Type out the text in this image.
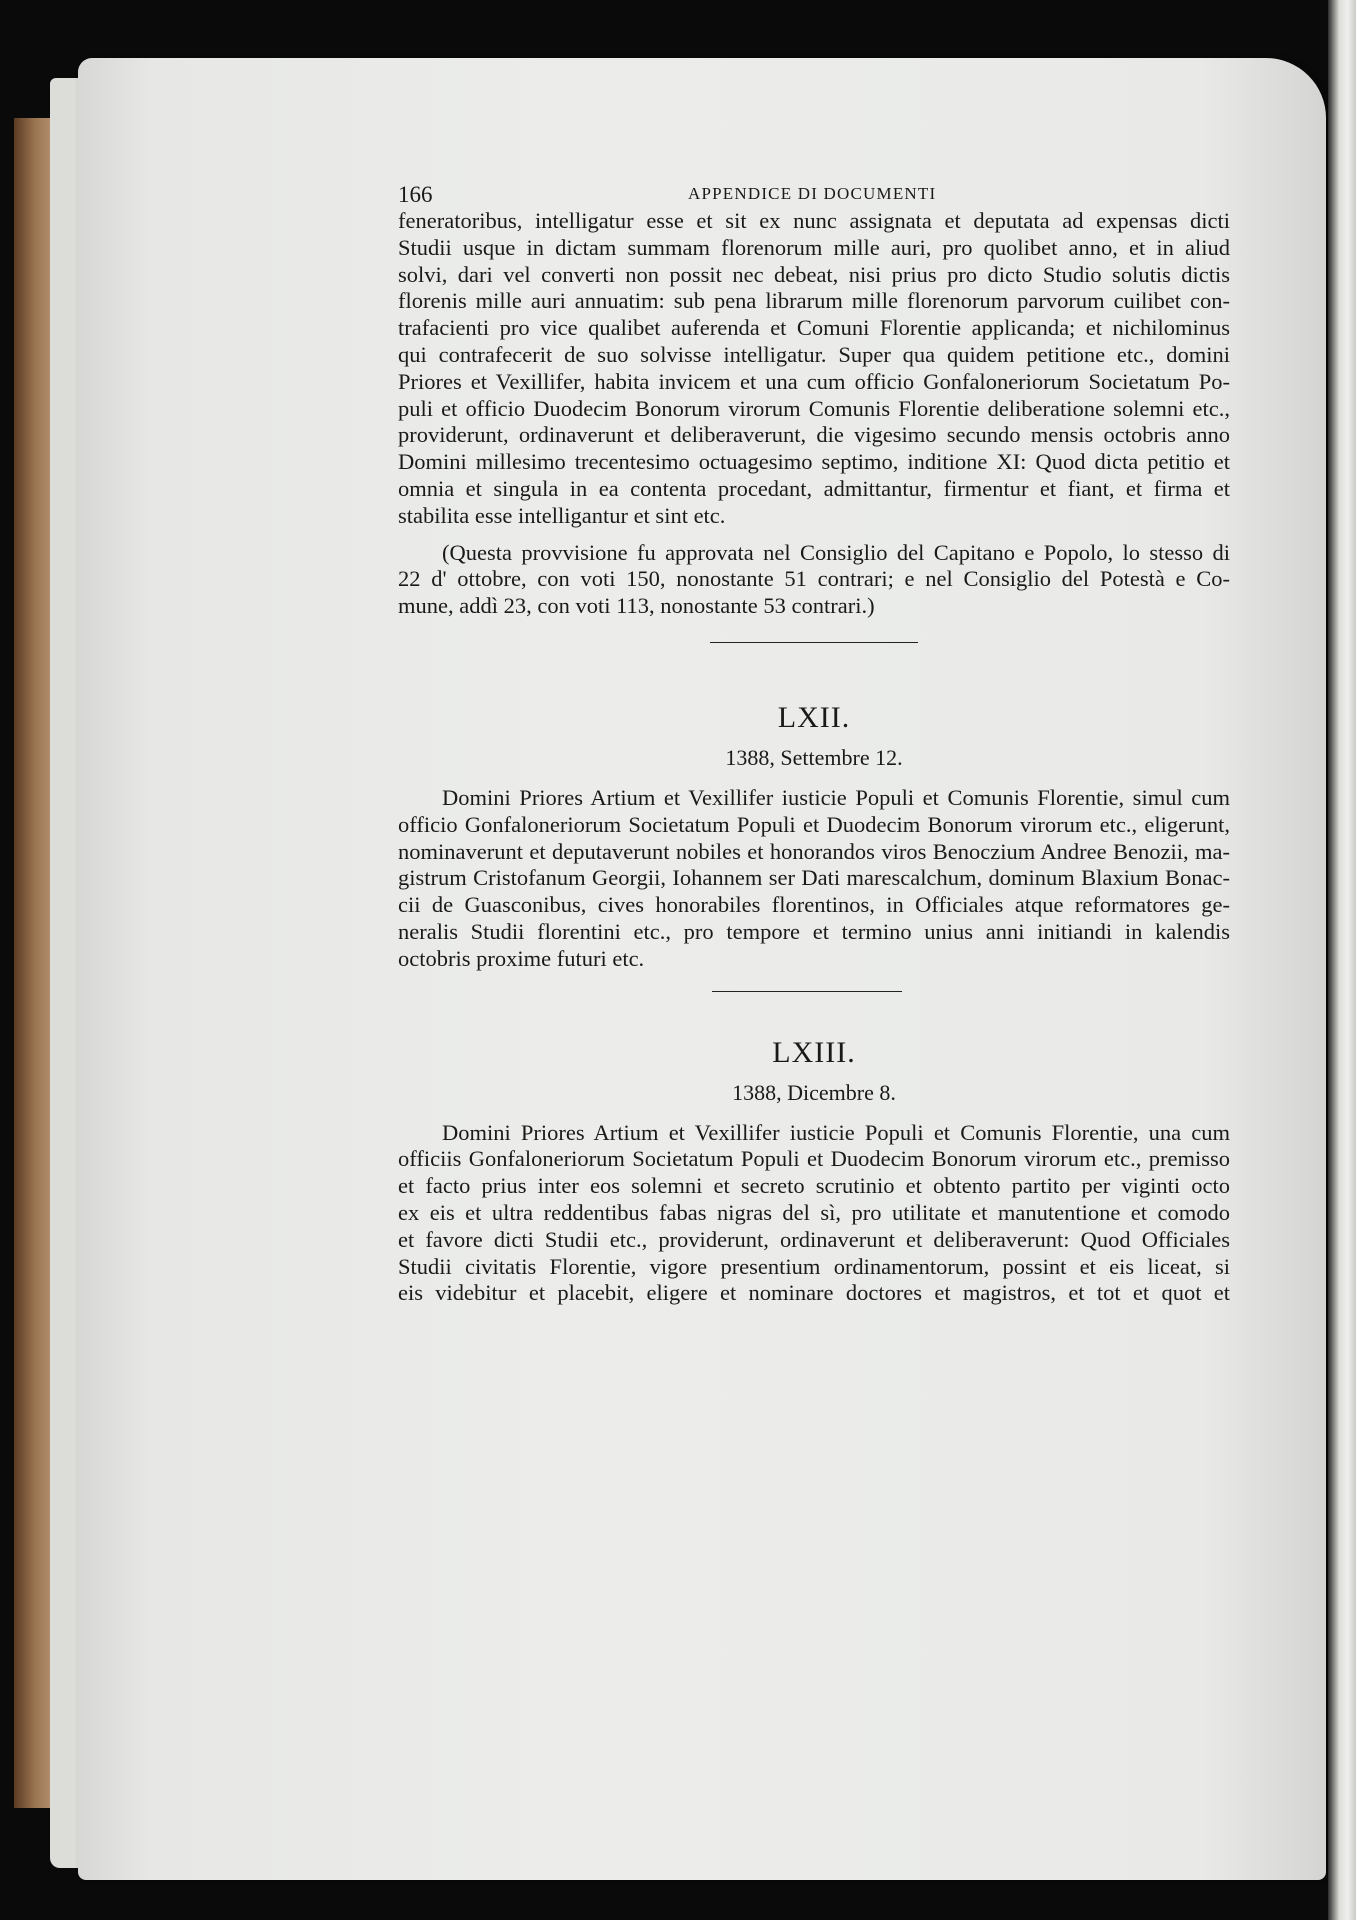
166	APPENDICE DI DOCUMENTI

feneratoribus, intelligatur esse et sit ex nunc assignata et deputata ad expensas dicti
Studii usque in dictam summam florenorum mille auri, pro quolibet anno, et in aliud
solvi, dari vel converti non possit nec debeat, nisi prius pro dicto Studio solutis dictis
florenis mille auri annuatim: sub pena librarum mille florenorum parvorum cuilibet con-
trafacienti pro vice qualibet auferenda et Comuni Florentie applicanda; et nichilominus
qui contrafecerit de suo solvisse intelligatur. Super qua quidem petitione etc., domini
Priores et Vexillifer, habita invicem et una cum officio Gonfaloneriorum Societatum Po-
puli et officio Duodecim Bonorum virorum Comunis Florentie deliberatione solemni etc.,
providerunt, ordinaverunt et deliberaverunt, die vigesimo secundo mensis octobris anno
Domini millesimo trecentesimo octuagesimo septimo, inditione XI: Quod dicta petitio et
omnia et singula in ea contenta procedant, admittantur, firmentur et fiant, et firma et
stabilita esse intelligantur et sint etc.

(Questa provvisione fu approvata nel Consiglio del Capitano e Popolo, lo stesso di
22 d' ottobre, con voti 150, nonostante 51 contrari; e nel Consiglio del Potestà e Co-
mune, addì 23, con voti 113, nonostante 53 contrari.)

LXII.
1388, Settembre 12.

Domini Priores Artium et Vexillifer iusticie Populi et Comunis Florentie, simul cum
officio Gonfaloneriorum Societatum Populi et Duodecim Bonorum virorum etc., eligerunt,
nominaverunt et deputaverunt nobiles et honorandos viros Benoczium Andree Benozii, ma-
gistrum Cristofanum Georgii, Iohannem ser Dati marescalchum, dominum Blaxium Bonac-
cii de Guasconibus, cives honorabiles florentinos, in Officiales atque reformatores ge-
neralis Studii florentini etc., pro tempore et termino unius anni initiandi in kalendis
octobris proxime futuri etc.

LXIII.
1388, Dicembre 8.

Domini Priores Artium et Vexillifer iusticie Populi et Comunis Florentie, una cum
officiis Gonfaloneriorum Societatum Populi et Duodecim Bonorum virorum etc., premisso
et facto prius inter eos solemni et secreto scrutinio et obtento partito per viginti octo
ex eis et ultra reddentibus fabas nigras del sì, pro utilitate et manutentione et comodo
et favore dicti Studii etc., providerunt, ordinaverunt et deliberaverunt: Quod Officiales
Studii civitatis Florentie, vigore presentium ordinamentorum, possint et eis liceat, si
eis videbitur et placebit, eligere et nominare doctores et magistros, et tot et quot et
